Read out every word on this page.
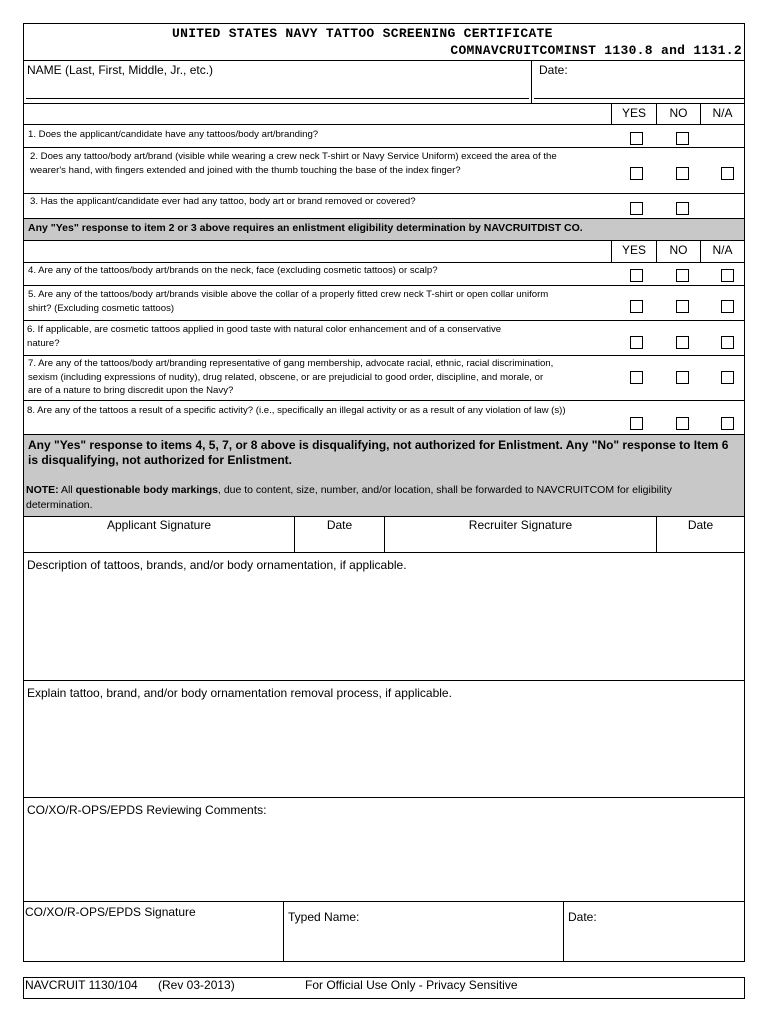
UNITED STATES NAVY TATTOO SCREENING CERTIFICATE
COMNAVCRUITCOMINST 1130.8 and 1131.2
NAME (Last, First, Middle, Jr., etc.)	Date:
YES	NO	N/A
1. Does the applicant/candidate have any tattoos/body art/branding?
2. Does any tattoo/body art/brand (visible while wearing a crew neck T-shirt or Navy Service Uniform) exceed the area of the wearer's hand, with fingers extended and joined with the thumb touching the base of the index finger?
3. Has the applicant/candidate ever had any tattoo, body art or brand removed or covered?
Any "Yes" response to item 2 or 3 above requires an enlistment eligibility determination by NAVCRUITDIST CO.
YES	NO	N/A
4. Are any of the tattoos/body art/brands on the neck, face (excluding cosmetic tattoos) or scalp?
5. Are any of the tattoos/body art/brands visible above the collar of a properly fitted crew neck T-shirt or open collar uniform shirt? (Excluding cosmetic tattoos)
6. If applicable, are cosmetic tattoos applied in good taste with natural color enhancement and of a conservative nature?
7. Are any of the tattoos/body art/branding representative of gang membership, advocate racial, ethnic, racial discrimination, sexism (including expressions of nudity), drug related, obscene, or are prejudicial to good order, discipline, and morale, or are of a nature to bring discredit upon the Navy?
8. Are any of the tattoos a result of a specific activity? (i.e., specifically an illegal activity or as a result of any violation of law (s))
Any "Yes" response to items 4, 5, 7, or 8 above is disqualifying, not authorized for Enlistment. Any "No" response to Item 6 is disqualifying, not authorized for Enlistment.
NOTE: All questionable body markings, due to content, size, number, and/or location, shall be forwarded to NAVCRUITCOM for eligibility determination.
Applicant Signature	Date	Recruiter Signature	Date
Description of tattoos, brands, and/or body ornamentation, if applicable.
Explain tattoo, brand, and/or body ornamentation removal process, if applicable.
CO/XO/R-OPS/EPDS Reviewing Comments:
CO/XO/R-OPS/EPDS Signature	Typed Name:	Date:
NAVCRUIT 1130/104 (Rev 03-2013)	For Official Use Only - Privacy Sensitive
